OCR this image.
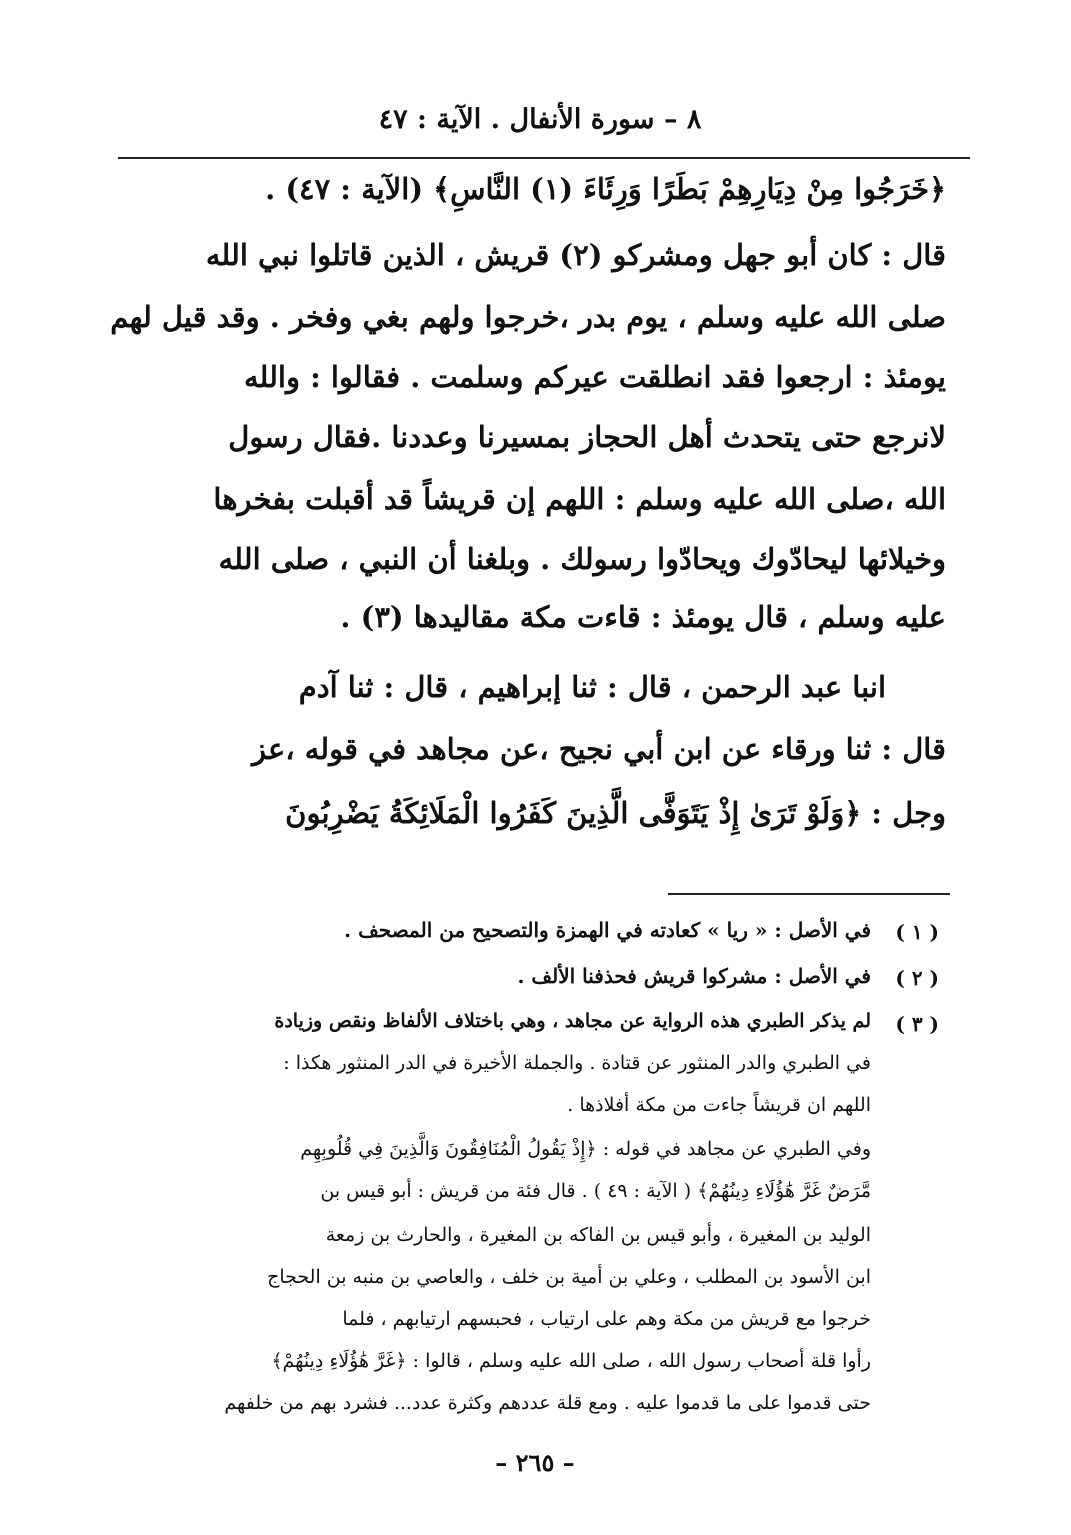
٨ – سورة الأنفال . الآية : ٤٧
﴿خَرَجُوا مِنْ دِيَارِهِمْ بَطَرًا وَرِئَاءَ (١) النَّاسِ﴾ (الآية : ٤٧) .
قال : كان أبو جهل ومشركو (٢) قريش ، الذين قاتلوا نبي الله
صلى الله عليه وسلم ، يوم بدر ،خرجوا ولهم بغي وفخر . وقد قيل لهم
يومئذ : ارجعوا فقد انطلقت عيركم وسلمت . فقالوا : والله
لانرجع حتى يتحدث أهل الحجاز بمسيرنا وعددنا .فقال رسول
الله ،صلى الله عليه وسلم : اللهم إن قريشاً قد أقبلت بفخرها
وخيلائها ليحادّوك ويحادّوا رسولك . وبلغنا أن النبي ، صلى الله
عليه وسلم ، قال يومئذ : قاءت مكة مقاليدها (٣) .
انبا عبد الرحمن ، قال : ثنا إبراهيم ، قال : ثنا آدم
قال : ثنا ورقاء عن ابن أبي نجيح ،عن مجاهد في قوله ،عز
وجل : ﴿وَلَوْ تَرَىٰ إِذْ يَتَوَفَّى الَّذِينَ كَفَرُوا الْمَلَائِكَةُ يَضْرِبُونَ
( ١ )
في الأصل : « ريا » كعادته في الهمزة والتصحيح من المصحف .
( ٢ )
في الأصل : مشركوا قريش فحذفنا الألف .
( ٣ )
لم يذكر الطبري هذه الرواية عن مجاهد ، وهي باختلاف الألفاظ ونقص وزيادة
في الطبري والدر المنثور عن قتادة . والجملة الأخيرة في الدر المنثور هكذا :
اللهم ان قريشاً جاءت من مكة أفلاذها .
وفي الطبري عن مجاهد في قوله : ﴿إِذْ يَقُولُ الْمُنَافِقُونَ وَالَّذِينَ فِي قُلُوبِهِم
مَّرَضٌ غَرَّ هَٰؤُلَاءِ دِينُهُمْ﴾ ( الآية : ٤٩ ) . قال فئة من قريش : أبو قيس بن
الوليد بن المغيرة ، وأبو قيس بن الفاكه بن المغيرة ، والحارث بن زمعة
ابن الأسود بن المطلب ، وعلي بن أمية بن خلف ، والعاصي بن منبه بن الحجاج
خرجوا مع قريش من مكة وهم على ارتياب ، فحبسهم ارتيابهم ، فلما
رأوا قلة أصحاب رسول الله ، صلى الله عليه وسلم ، قالوا : ﴿غَرَّ هَٰؤُلَاءِ دِينُهُمْ﴾
حتى قدموا على ما قدموا عليه . ومع قلة عددهم وكثرة عدد... فشرد بهم من خلفهم
– ٢٦٥ –
